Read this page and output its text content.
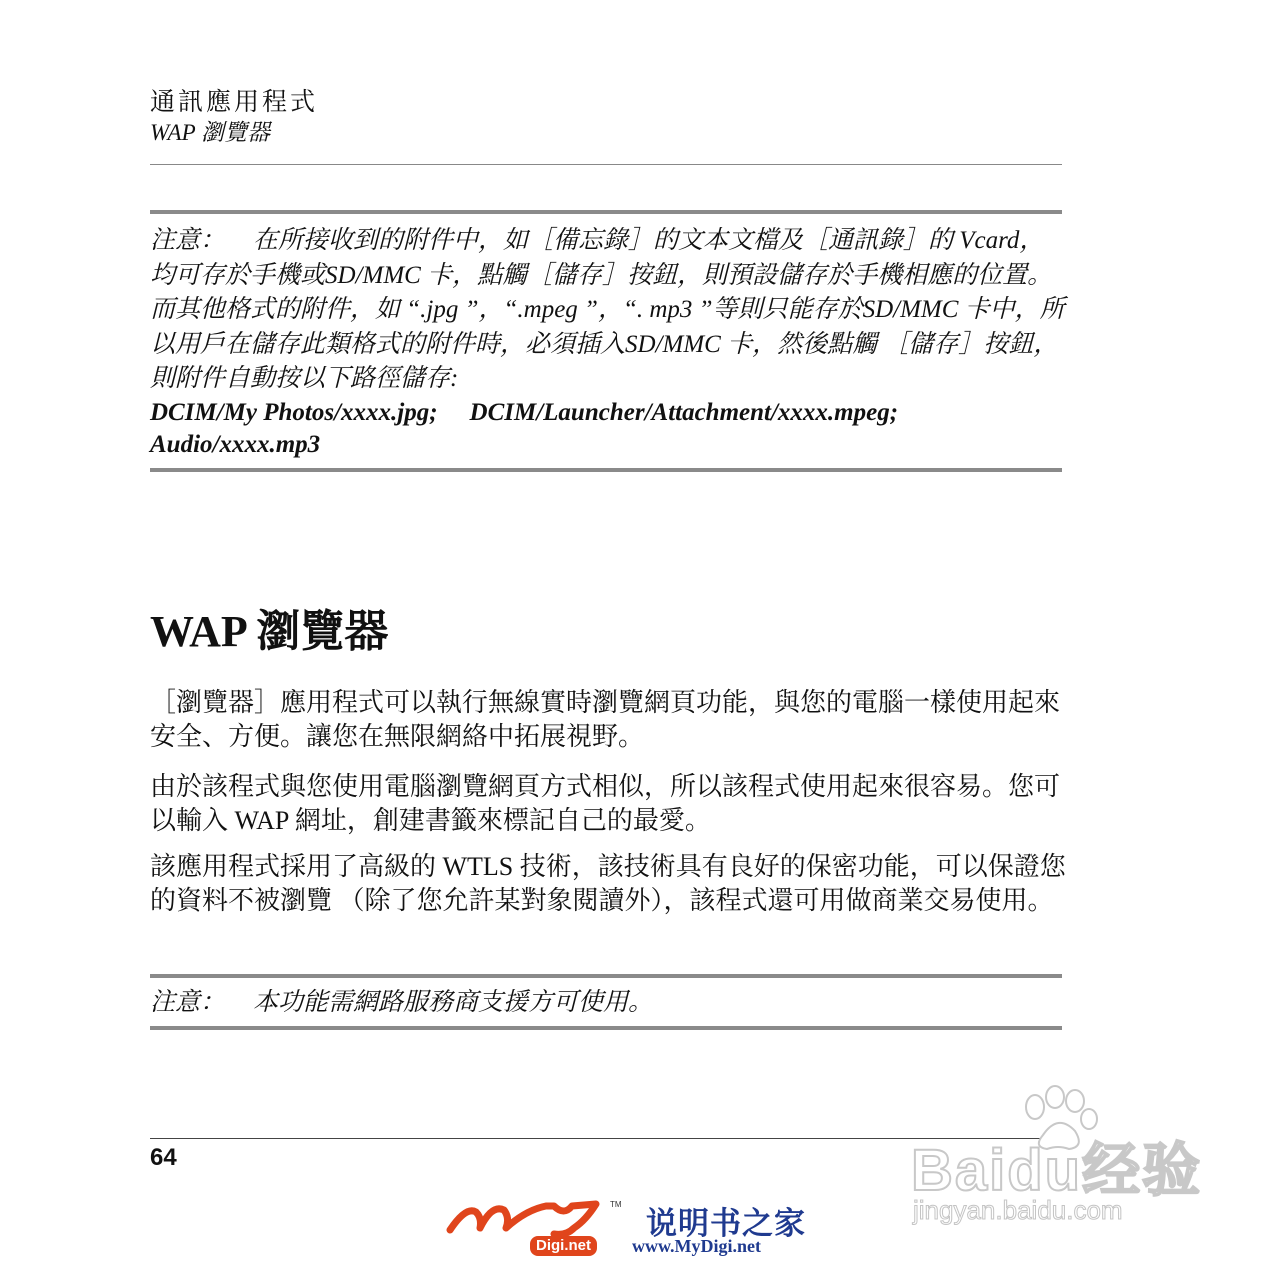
通訊應用程式
WAP 瀏覽器
注意： 在所接收到的附件中，如［備忘錄］的文本文檔及［通訊錄］的 Vcard，均可存於手機或SD/MMC 卡，點觸［儲存］按鈕，則預設儲存於手機相應的位置。而其他格式的附件，如 “.jpg ”，“.mpeg ”，“. mp3 ”等則只能存於SD/MMC 卡中，所以用戶在儲存此類格式的附件時，必須插入SD/MMC 卡，然後點觸 ［儲存］按鈕，則附件自動按以下路徑儲存:
DCIM/My Photos/xxxx.jpg; DCIM/Launcher/Attachment/xxxx.mpeg;
Audio/xxxx.mp3
WAP 瀏覽器
［瀏覽器］應用程式可以執行無線實時瀏覽網頁功能，與您的電腦一樣使用起來安全、方便。讓您在無限網絡中拓展視野。
由於該程式與您使用電腦瀏覽網頁方式相似，所以該程式使用起來很容易。您可以輸入 WAP 網址，創建書籤來標記自己的最愛。
該應用程式採用了高級的 WTLS 技術，該技術具有良好的保密功能，可以保證您的資料不被瀏覽 （除了您允許某對象閱讀外），該程式還可用做商業交易使用。
注意： 本功能需網路服務商支援方可使用。
64	Baidu经验
jingyan.baidu.com
Digi.net
TM
说明书之家
www.MyDigi.net
